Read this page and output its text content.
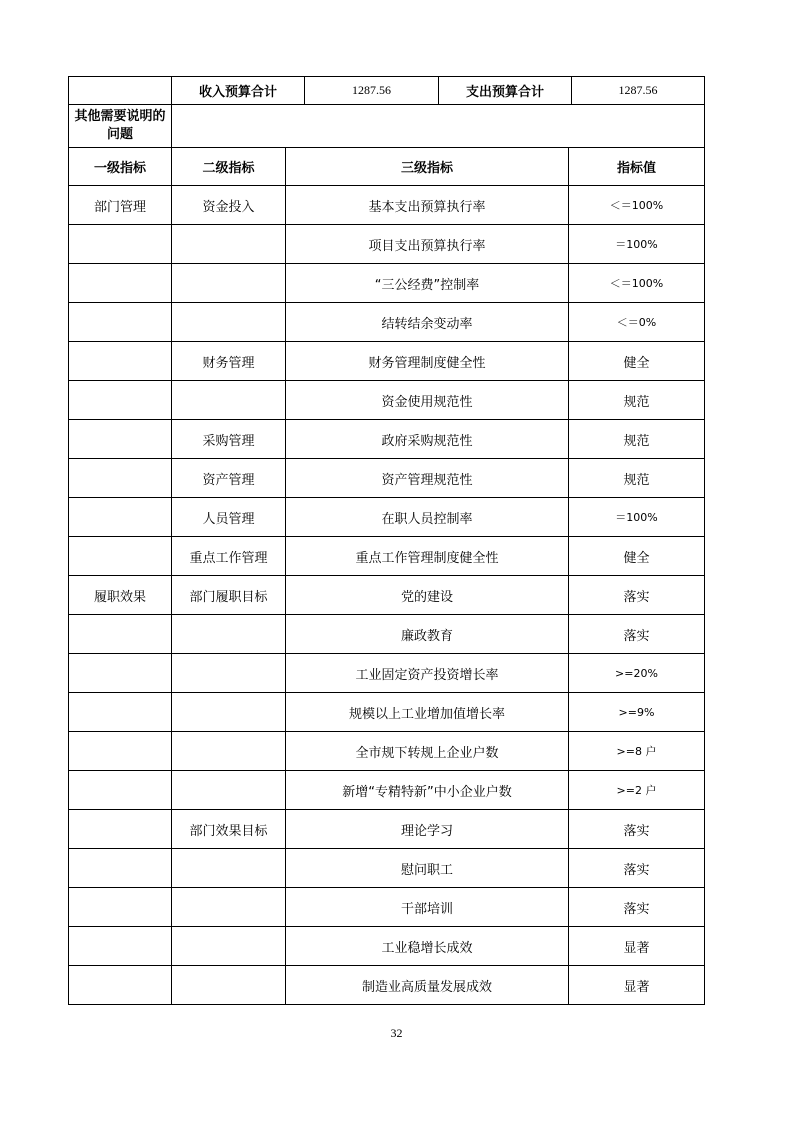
	收入预算合计	1287.56	支出预算合计	1287.56
其他需要说明的问题	
一级指标	二级指标	三级指标	指标值
部门管理	资金投入	基本支出预算执行率	＜＝100%
		项目支出预算执行率	＝100%
		“三公经费”控制率	＜＝100%
		结转结余变动率	＜＝0%
	财务管理	财务管理制度健全性	健全
		资金使用规范性	规范
	采购管理	政府采购规范性	规范
	资产管理	资产管理规范性	规范
	人员管理	在职人员控制率	＝100%
	重点工作管理	重点工作管理制度健全性	健全
履职效果	部门履职目标	党的建设	落实
		廉政教育	落实
		工业固定资产投资增长率	>=20%
		规模以上工业增加值增长率	>=9%
		全市规下转规上企业户数	>=8 户
		新增“专精特新”中小企业户数	>=2 户
	部门效果目标	理论学习	落实
		慰问职工	落实
		干部培训	落实
		工业稳增长成效	显著
		制造业高质量发展成效	显著
32
